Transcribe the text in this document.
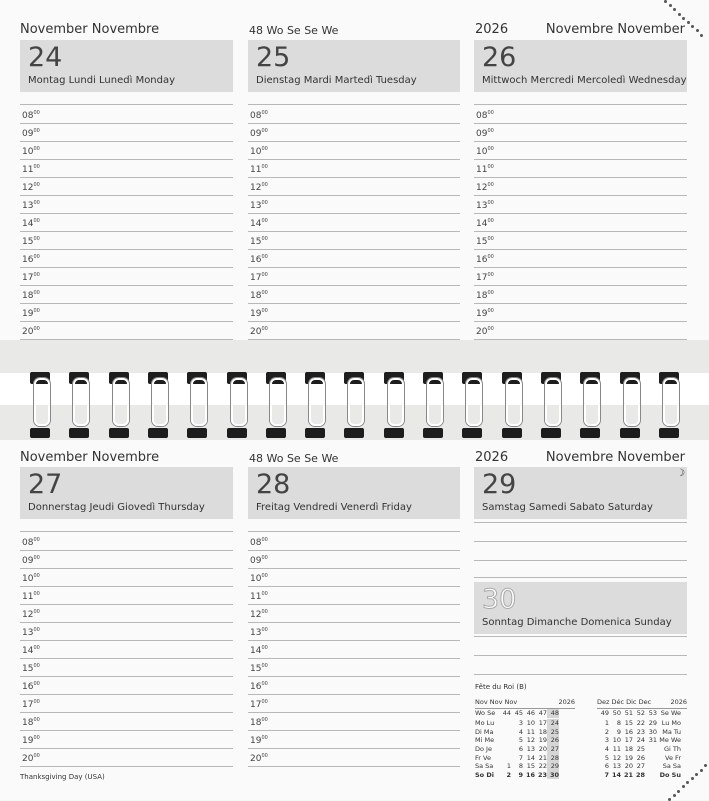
November Novembre	48 Wo Se Se We	2026	Novembre November
24
Montag Lundi Lunedì Monday
25
Dienstag Mardi Martedì Tuesday
26
Mittwoch Mercredi Mercoledì Wednesday
$08^{00}$
$09^{00}$
$10^{00}$
$11^{00}$
$12^{00}$
$13^{00}$
$14^{00}$
$15^{00}$
$16^{00}$
$17^{00}$
$18^{00}$
$19^{00}$
$20^{00}$
$08^{00}$
$09^{00}$
$10^{00}$
$11^{00}$
$12^{00}$
$13^{00}$
$14^{00}$
$15^{00}$
$16^{00}$
$17^{00}$
$18^{00}$
$19^{00}$
$20^{00}$
$08^{00}$
$09^{00}$
$10^{00}$
$11^{00}$
$12^{00}$
$13^{00}$
$14^{00}$
$15^{00}$
$16^{00}$
$17^{00}$
$18^{00}$
$19^{00}$
$20^{00}$
November Novembre	48 Wo Se Se We	2026	Novembre November
27
Donnerstag Jeudi Giovedì Thursday
28
Freitag Vendredi Venerdì Friday
29
Samstag Samedi Sabato Saturday
30
Sonntag Dimanche Domenica Sunday
$08^{00}$
$09^{00}$
$10^{00}$
$11^{00}$
$12^{00}$
$13^{00}$
$14^{00}$
$15^{00}$
$16^{00}$
$17^{00}$
$18^{00}$
$19^{00}$
$20^{00}$
$08^{00}$
$09^{00}$
$10^{00}$
$11^{00}$
$12^{00}$
$13^{00}$
$14^{00}$
$15^{00}$
$16^{00}$
$17^{00}$
$18^{00}$
$19^{00}$
$20^{00}$
☽
Thanksgiving Day (USA)
Fête du Roi (B)
Nov Nov Nov	2026
Wo Se	44	45	46	47	48
Mo Lu		3	10	17	24
Di Ma		4	11	18	25
Mi Me		5	12	19	26
Do Je		6	13	20	27
Fr Ve		7	14	21	28
Sa Sa	1	8	15	22	29
So Di	2	9	16	23	30
Dez Déc Dic Dec	2026
49	50	51	52	53	Se We
1	8	15	22	29	Lu Mo
2	9	16	23	30	Ma Tu
3	10	17	24	31	Me We
4	11	18	25		Gi Th
5	12	19	26		Ve Fr
6	13	20	27		Sa Sa
7	14	21	28		Do Su
